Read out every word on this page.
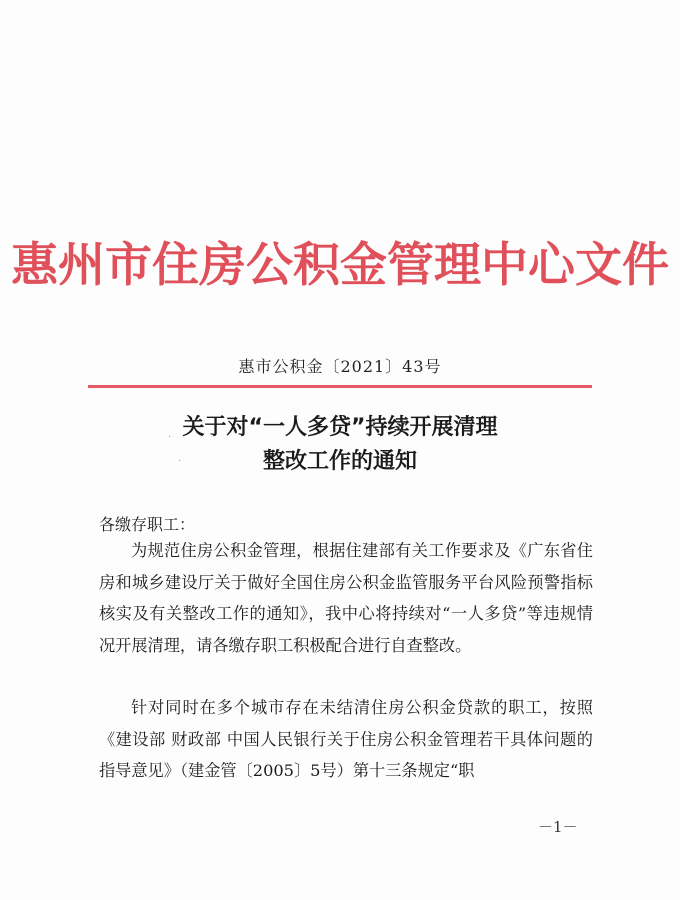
惠州市住房公积金管理中心文件
惠市公积金〔2021〕43号
关于对“一人多贷”持续开展清理
整改工作的通知
·
·
各缴存职工：

为规范住房公积金管理，根据住建部有关工作要求及《广东省住房和城乡建设厅关于做好全国住房公积金监管服务平台风险预警指标核实及有关整改工作的通知》，我中心将持续对“一人多贷”等违规情况开展清理，请各缴存职工积极配合进行自查整改。

针对同时在多个城市存在未结清住房公积金贷款的职工，按照《建设部 财政部 中国人民银行关于住房公积金管理若干具体问题的指导意见》（建金管〔2005〕5号）第十三条规定“职

－1－
